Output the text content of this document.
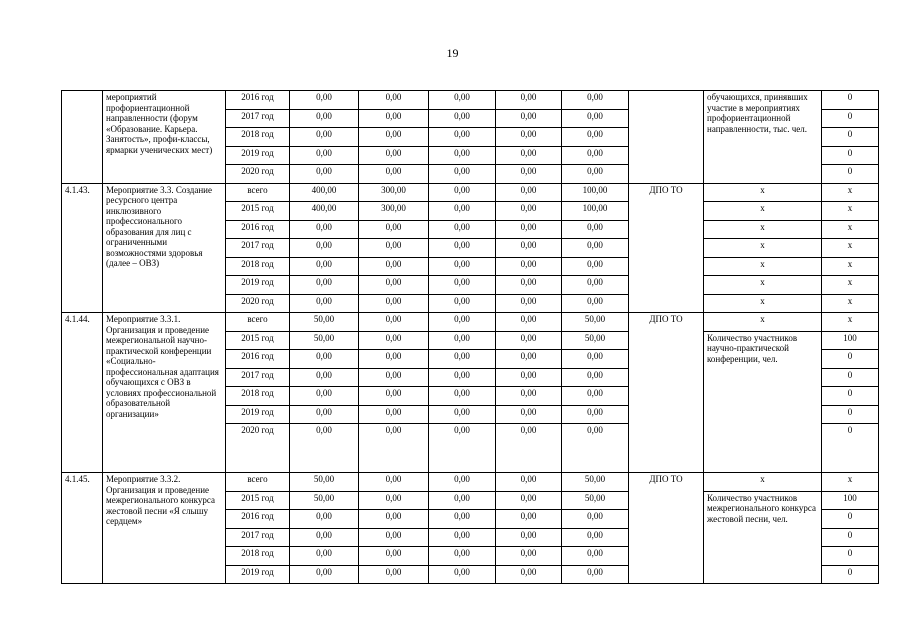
19
	мероприятий профориентационной направленности (форум «Образование. Карьера. Занятость», профи-классы, ярмарки ученических мест)	2016 год	0,00	0,00	0,00	0,00	0,00		обучающихся, принявших участие в мероприятиях профориентационной направленности, тыс. чел.	0
		2017 год	0,00	0,00	0,00	0,00	0,00			0
		2018 год	0,00	0,00	0,00	0,00	0,00			0
		2019 год	0,00	0,00	0,00	0,00	0,00			0
		2020 год	0,00	0,00	0,00	0,00	0,00			0
4.1.43.	Мероприятие 3.3. Создание ресурсного центра инклюзивного профессионального образования для лиц с ограниченными возможностями здоровья (далее – ОВЗ)	всего	400,00	300,00	0,00	0,00	100,00	ДПО ТО	х	х
		2015 год	400,00	300,00	0,00	0,00	100,00		х	х
		2016 год	0,00	0,00	0,00	0,00	0,00		х	х
		2017 год	0,00	0,00	0,00	0,00	0,00		х	х
		2018 год	0,00	0,00	0,00	0,00	0,00		х	х
		2019 год	0,00	0,00	0,00	0,00	0,00		х	х
		2020 год	0,00	0,00	0,00	0,00	0,00		х	х
4.1.44.	Мероприятие 3.3.1. Организация и проведение межрегиональной научно-практической конференции «Социально-профессиональная адаптация обучающихся с ОВЗ в условиях профессиональной образовательной организации»	всего	50,00	0,00	0,00	0,00	50,00	ДПО ТО	х	х
		2015 год	50,00	0,00	0,00	0,00	50,00		Количество участников научно-практической конференции, чел.	100
		2016 год	0,00	0,00	0,00	0,00	0,00			0
		2017 год	0,00	0,00	0,00	0,00	0,00			0
		2018 год	0,00	0,00	0,00	0,00	0,00			0
		2019 год	0,00	0,00	0,00	0,00	0,00			0
		2020 год	0,00	0,00	0,00	0,00	0,00			0

4.1.45.	Мероприятие 3.3.2. Организация и проведение межрегионального конкурса жестовой песни «Я слышу сердцем»	всего	50,00	0,00	0,00	0,00	50,00	ДПО ТО	х	х
		2015 год	50,00	0,00	0,00	0,00	50,00		Количество участников межрегионального конкурса жестовой песни, чел.	100
		2016 год	0,00	0,00	0,00	0,00	0,00			0
		2017 год	0,00	0,00	0,00	0,00	0,00			0
		2018 год	0,00	0,00	0,00	0,00	0,00			0
		2019 год	0,00	0,00	0,00	0,00	0,00			0
